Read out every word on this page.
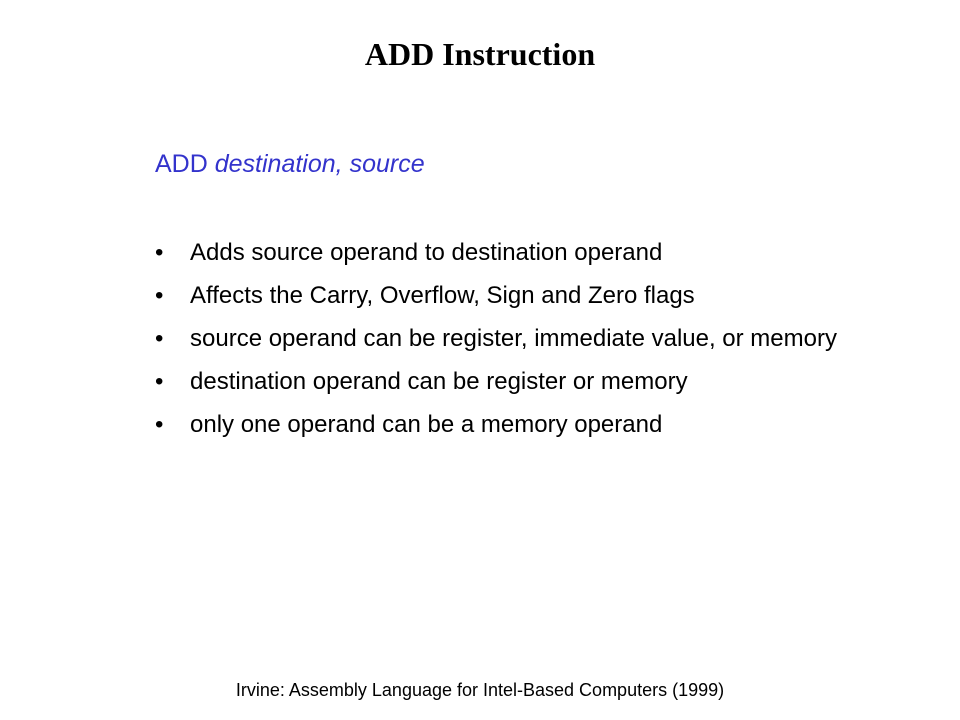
ADD Instruction
ADD destination, source
•	Adds source operand to destination operand
•	Affects the Carry, Overflow, Sign and Zero flags
•	source operand can be register, immediate value, or memory
•	destination operand can be register or memory
•	only one operand can be a memory operand
Irvine: Assembly Language for Intel-Based Computers (1999)
